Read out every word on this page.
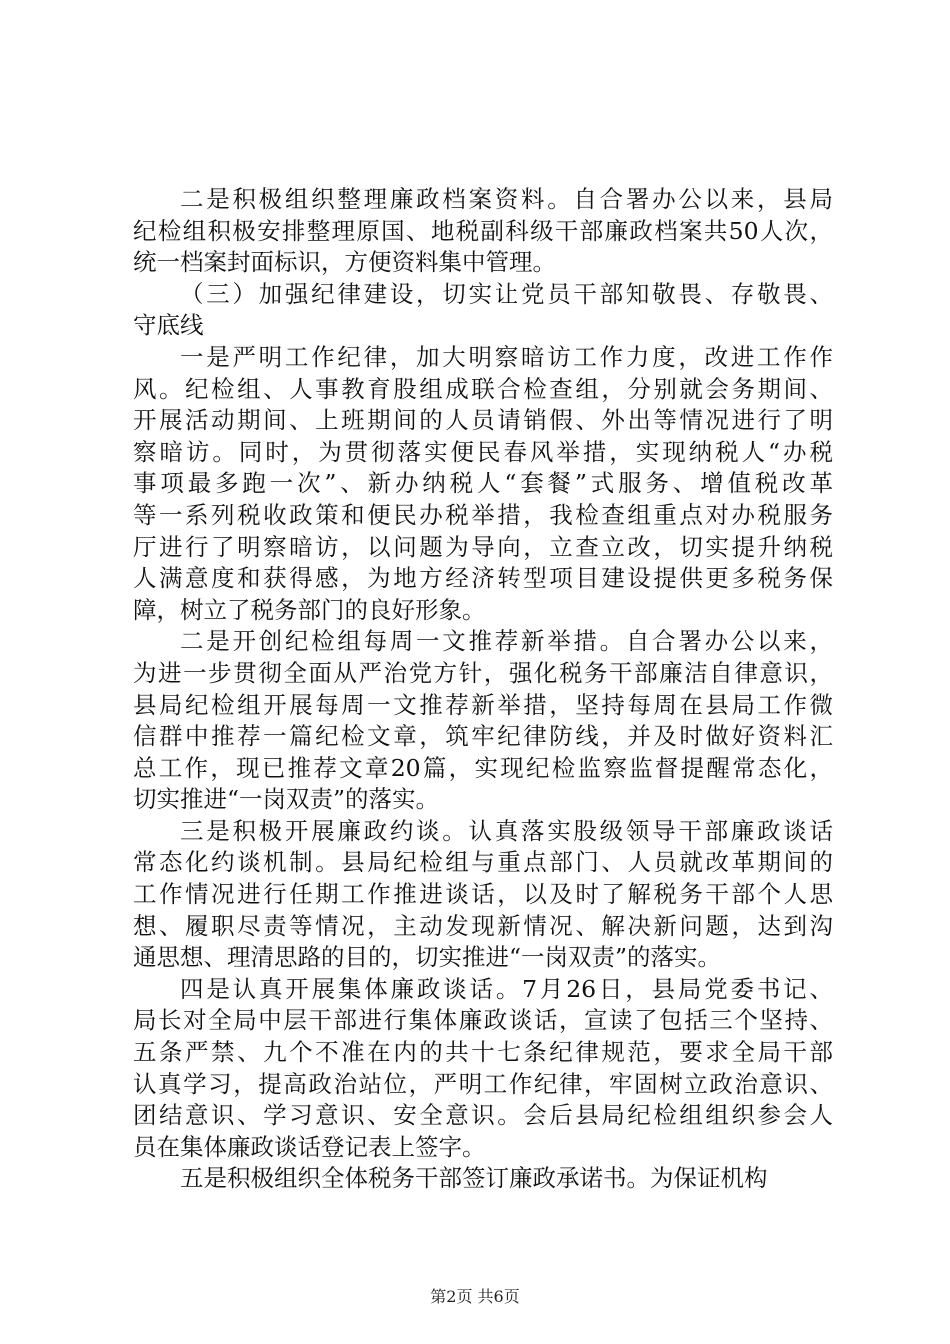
二是积极组织整理廉政档案资料。自合署办公以来，县局
纪检组积极安排整理原国、地税副科级干部廉政档案共50人次，
统一档案封面标识，方便资料集中管理。
（三）加强纪律建设，切实让党员干部知敬畏、存敬畏、
守底线
一是严明工作纪律，加大明察暗访工作力度，改进工作作
风。纪检组、人事教育股组成联合检查组，分别就会务期间、
开展活动期间、上班期间的人员请销假、外出等情况进行了明
察暗访。同时，为贯彻落实便民春风举措，实现纳税人“办税
事项最多跑一次”、新办纳税人“套餐”式服务、增值税改革
等一系列税收政策和便民办税举措，我检查组重点对办税服务
厅进行了明察暗访，以问题为导向，立查立改，切实提升纳税
人满意度和获得感，为地方经济转型项目建设提供更多税务保
障，树立了税务部门的良好形象。
二是开创纪检组每周一文推荐新举措。自合署办公以来，
为进一步贯彻全面从严治党方针，强化税务干部廉洁自律意识，
县局纪检组开展每周一文推荐新举措，坚持每周在县局工作微
信群中推荐一篇纪检文章，筑牢纪律防线，并及时做好资料汇
总工作，现已推荐文章20篇，实现纪检监察监督提醒常态化，
切实推进“一岗双责”的落实。
三是积极开展廉政约谈。认真落实股级领导干部廉政谈话
常态化约谈机制。县局纪检组与重点部门、人员就改革期间的
工作情况进行任期工作推进谈话，以及时了解税务干部个人思
想、履职尽责等情况，主动发现新情况、解决新问题，达到沟
通思想、理清思路的目的，切实推进“一岗双责”的落实。
四是认真开展集体廉政谈话。7月26日，县局党委书记、
局长对全局中层干部进行集体廉政谈话，宣读了包括三个坚持、
五条严禁、九个不准在内的共十七条纪律规范，要求全局干部
认真学习，提高政治站位，严明工作纪律，牢固树立政治意识、
团结意识、学习意识、安全意识。会后县局纪检组组织参会人
员在集体廉政谈话登记表上签字。
五是积极组织全体税务干部签订廉政承诺书。为保证机构
第2页 共6页
